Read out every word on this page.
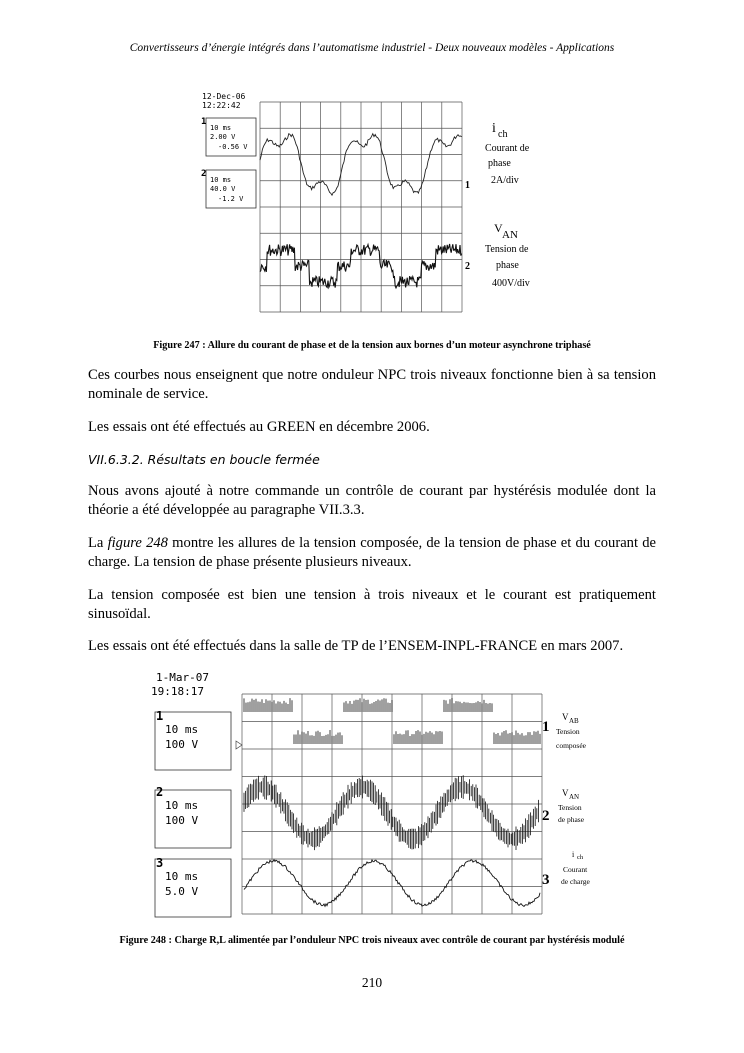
Convertisseurs d’énergie intégrés dans l’automatisme industriel - Deux nouveaux modèles - Applications
12-Dec-06
12:22:42
1
10 ms
2.00 V
-0.56 V
2
10 ms
40.0 V
-1.2 V
1
2
i ch
Courant de
phase
2A/div
V AN
Tension de
phase
400V/div
Figure 247 : Allure du courant de phase et de la tension aux bornes d’un moteur asynchrone triphasé
Ces courbes nous enseignent que notre onduleur NPC trois niveaux fonctionne bien à sa tension nominale de service.
Les essais ont été effectués au GREEN en décembre 2006.
VII.6.3.2. Résultats en boucle fermée
Nous avons ajouté à notre commande un contrôle de courant par hystérésis modulée dont la théorie a été développée au paragraphe VII.3.3.
La figure 248 montre les allures de la tension composée, de la tension de phase et du courant de charge. La tension de phase présente plusieurs niveaux.
La tension composée est bien une tension à trois niveaux et le courant est pratiquement sinusoïdal.
Les essais ont été effectués dans la salle de TP de l’ENSEM-INPL-FRANCE en mars 2007.
1-Mar-07
19:18:17
1
10 ms
100 V
2
10 ms
100 V
3
10 ms
5.0 V
1
2
3
V AB
Tension
composée
V AN
Tension
de phase
i ch
Courant
de charge
Figure 248 : Charge R,L alimentée par l’onduleur NPC trois niveaux avec contrôle de courant par hystérésis modulé
210
